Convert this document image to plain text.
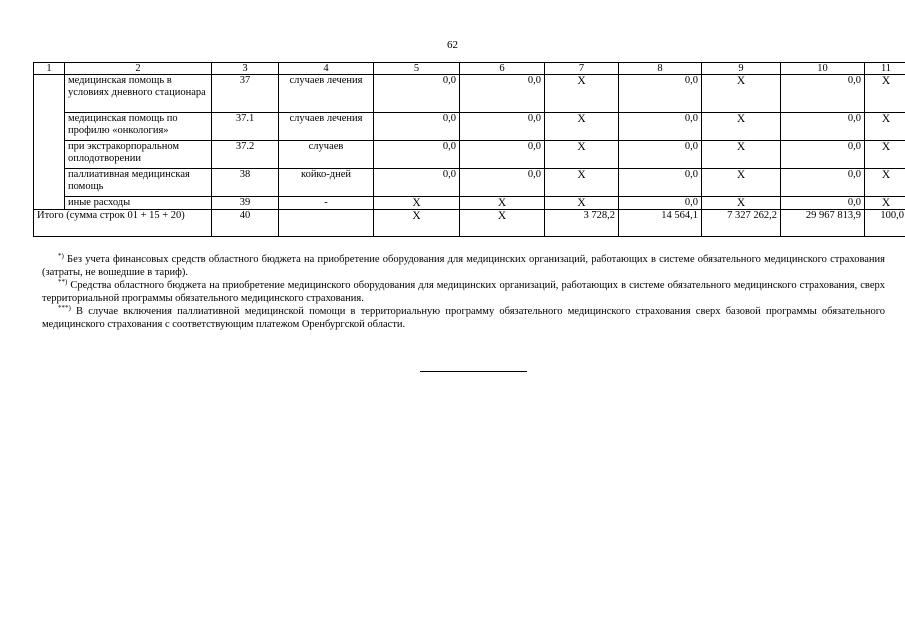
62
1	2	3	4	5	6	7	8	9	10	11
	медицинская помощь в условиях дневного стационара	37	случаев лечения	0,0	0,0	X	0,0	X	0,0	X
	медицинская помощь по профилю «онкология»	37.1	случаев лечения	0,0	0,0	X	0,0	X	0,0	X
	при экстракорпоральном оплодотворении	37.2	случаев	0,0	0,0	X	0,0	X	0,0	X
	паллиативная медицинская помощь	38	койко-дней	0,0	0,0	X	0,0	X	0,0	X
	иные расходы	39	-	X	X	X	0,0	X	0,0	X
Итого (сумма строк 01 + 15 + 20)		40		X	X	3 728,2	14 564,1	7 327 262,2	29 967 813,9	100,0

*) Без учета финансовых средств областного бюджета на приобретение оборудования для медицинских организаций, работающих в системе обязательного медицинского страхования (затраты, не вошедшие в тариф).

**) Средства областного бюджета на приобретение медицинского оборудования для медицинских организаций, работающих в системе обязательного медицинского страхования, сверх территориальной программы обязательного медицинского страхования.

***) В случае включения паллиативной медицинской помощи в территориальную программу обязательного медицинского страхования сверх базовой программы обязательного медицинского страхования с соответствующим платежом Оренбургской области.
